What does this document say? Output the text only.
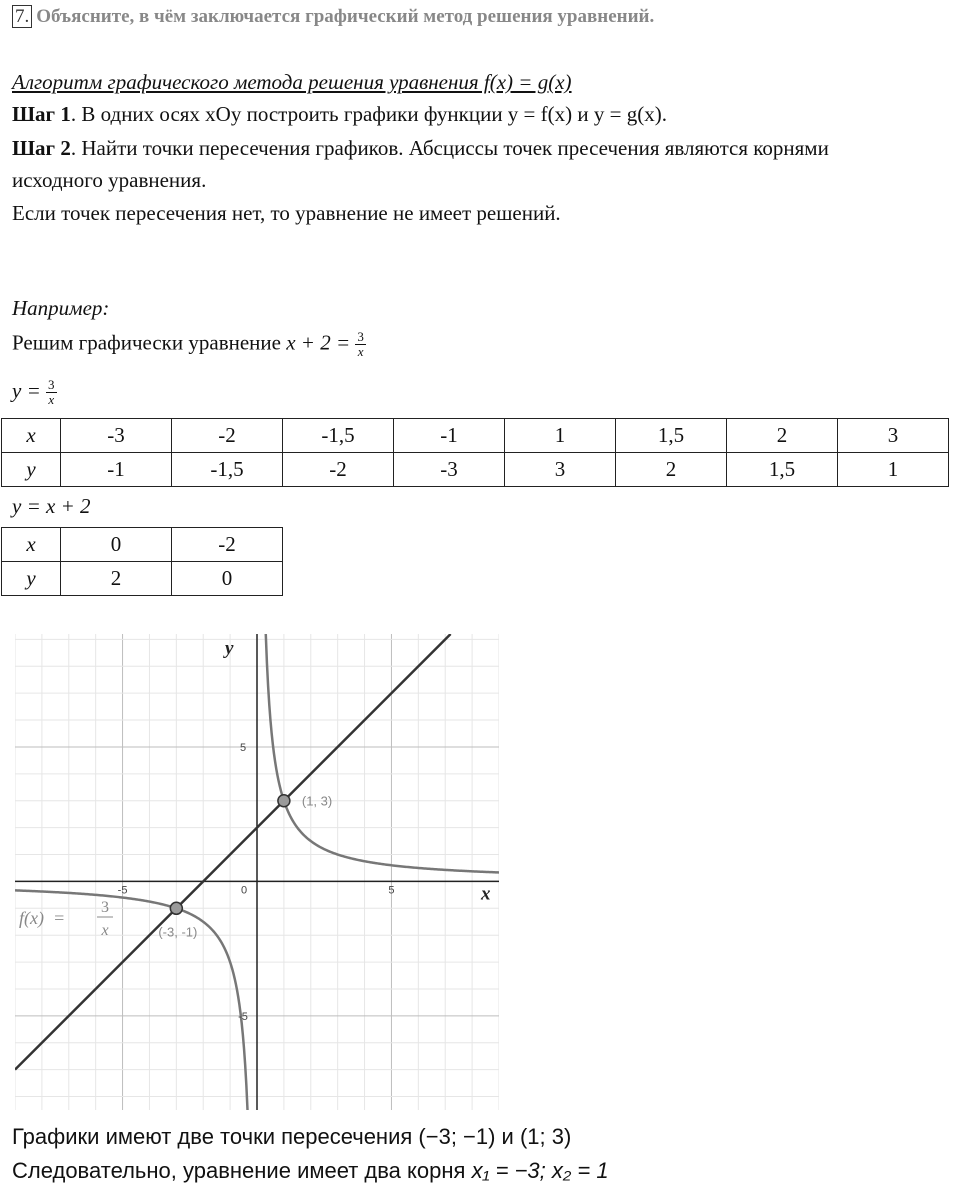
7. Объясните, в чём заключается графический метод решения уравнений.
Алгоритм графического метода решения уравнения f(x) = g(x)
Шаг 1. В одних осях xOy построить графики функции y = f(x) и y = g(x).
Шаг 2. Найти точки пересечения графиков. Абсциссы точек пресечения являются корнями
исходного уравнения.
Если точек пересечения нет, то уравнение не имеет решений.
Например:
Решим графически уравнение $x + 2 = \frac{3}{x}$
$y = \frac{3}{x}$
x	-3	-2	-1,5	-1	1	1,5	2	3
y	-1	-1,5	-2	-3	3	2	1,5	1
y = x + 2
x	0	-2
y	2	0
(1, 3)
(-3, -1)
x
y
0
-5	5
5
-5
f(x)  =
3
x
Графики имеют две точки пересечения (−3; −1) и (1; 3)
Следовательно, уравнение имеет два корня x₁ = −3; x₂ = 1
